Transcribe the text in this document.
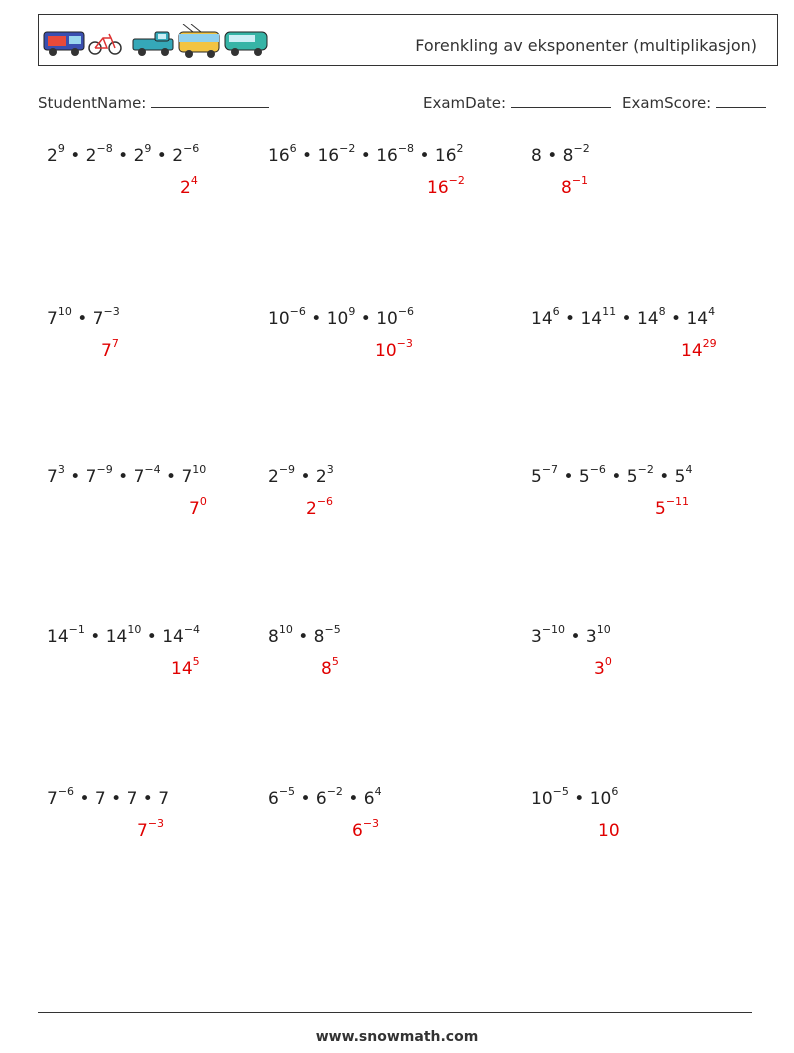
Forenkling av eksponenter (multiplikasjon)
StudentName:	ExamDate:	ExamScore:
$2^9$ • $2^{-8}$ • $2^9$ • $2^{-6}$
$2^4$
$16^6$ • $16^{-2}$ • $16^{-8}$ • $16^2$
$16^{-2}$
8 • $8^{-2}$
$8^{-1}$
$7^{10}$ • $7^{-3}$
$7^7$
$10^{-6}$ • $10^9$ • $10^{-6}$
$10^{-3}$
$14^6$ • $14^{11}$ • $14^8$ • $14^4$
$14^{29}$
$7^3$ • $7^{-9}$ • $7^{-4}$ • $7^{10}$
$7^0$
$2^{-9}$ • $2^3$
$2^{-6}$
$5^{-7}$ • $5^{-6}$ • $5^{-2}$ • $5^4$
$5^{-11}$
$14^{-1}$ • $14^{10}$ • $14^{-4}$
$14^5$
$8^{10}$ • $8^{-5}$
$8^5$
$3^{-10}$ • $3^{10}$
$3^0$
$7^{-6}$ • 7 • 7 • 7
$7^{-3}$
$6^{-5}$ • $6^{-2}$ • $6^4$
$6^{-3}$
$10^{-5}$ • $10^6$
10
www.snowmath.com
